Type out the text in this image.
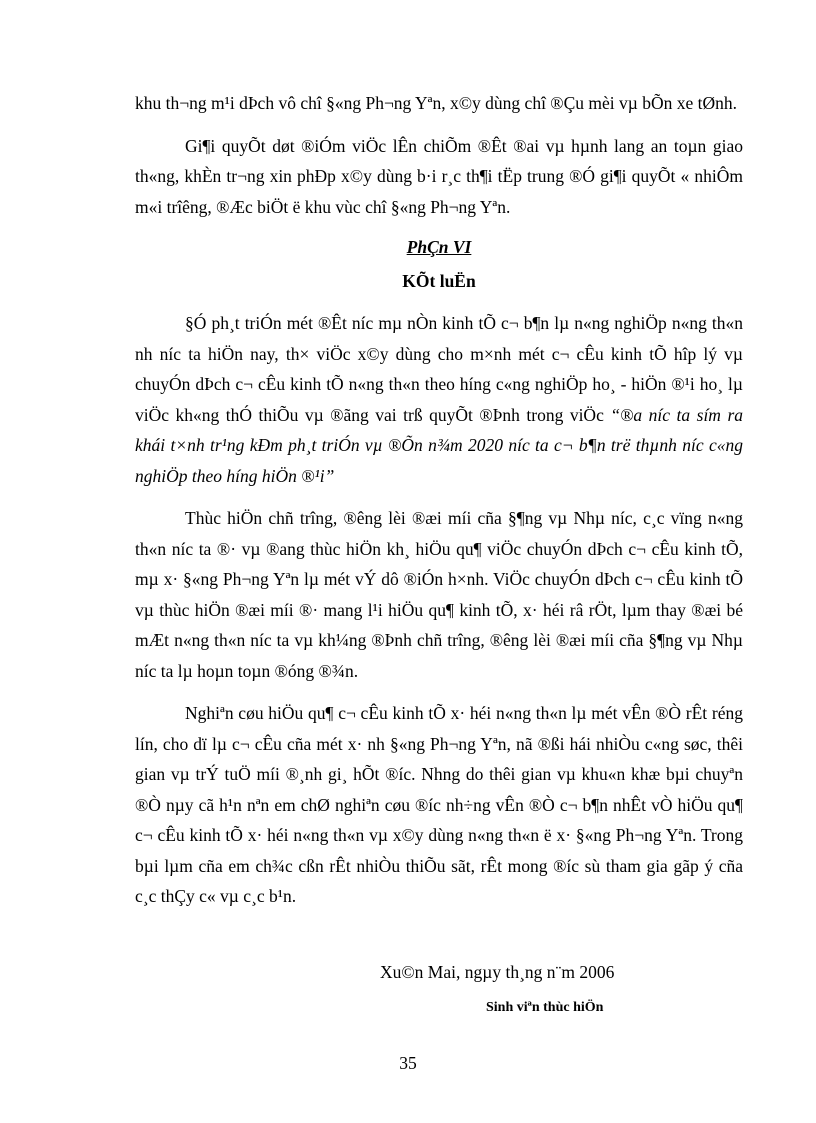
khu th¬ng m¹i dÞch vô chî §«ng Ph¬ng Yªn, x©y dùng chî ®Çu mèi vµ bÕn xe tØnh.

Gi¶i quyÕt døt ®iÓm viÖc lÊn chiÕm ®Êt ®ai vµ hµnh lang an toµn giao th«ng, khÈn tr¬ng xin phÐp x©y dùng b·i r¸c th¶i tËp trung ®Ó gi¶i quyÕt « nhiÔm m«i trîêng, ®Æc biÖt ë khu vùc chî §«ng Ph¬ng Yªn.

PhÇn VI
KÕt luËn

§Ó ph¸t triÓn mét ®Êt níc mµ nÒn kinh tÕ c¬ b¶n lµ n«ng nghiÖp n«ng th«n nh níc ta hiÖn nay, th× viÖc x©y dùng cho m×nh mét c¬ cÊu kinh tÕ hîp lý vµ chuyÓn dÞch c¬ cÊu kinh tÕ n«ng th«n theo híng c«ng nghiÖp ho¸ - hiÖn ®¹i ho¸ lµ viÖc kh«ng thÓ thiÕu vµ ®ãng vai trß quyÕt ®Þnh trong viÖc “®a níc ta sím ra khái t×nh tr¹ng kÐm ph¸t triÓn vµ ®Õn n¾m 2020 níc ta c¬ b¶n trë thµnh níc c«ng nghiÖp theo híng hiÖn ®¹i”

Thùc hiÖn chñ trîng, ®êng lèi ®æi míi cña §¶ng vµ Nhµ níc, c¸c vïng n«ng th«n níc ta ®· vµ ®ang thùc hiÖn kh¸ hiÖu qu¶ viÖc chuyÓn dÞch c¬ cÊu kinh tÕ, mµ x· §«ng Ph¬ng Yªn lµ mét vÝ dô ®iÓn h×nh. ViÖc chuyÓn dÞch c¬ cÊu kinh tÕ vµ thùc hiÖn ®æi míi ®· mang l¹i hiÖu qu¶ kinh tÕ, x· héi râ rÖt, lµm thay ®æi bé mÆt n«ng th«n níc ta vµ kh¼ng ®Þnh chñ trîng, ®êng lèi ®æi míi cña §¶ng vµ Nhµ níc ta lµ hoµn toµn ®óng ®¾n.

Nghiªn cøu hiÖu qu¶ c¬ cÊu kinh tÕ x· héi n«ng th«n lµ mét vÊn ®Ò rÊt réng lín, cho dï lµ c¬ cÊu cña mét x· nh §«ng Ph¬ng Yªn, nã ®ßi hái nhiÒu c«ng søc, thêi gian vµ trÝ tuÖ míi ®¸nh gi¸ hÕt ®íc. Nhng do thêi gian vµ khu«n khæ bµi chuyªn ®Ò nµy cã h¹n nªn em chØ nghiªn cøu ®íc nh÷ng vÊn ®Ò c¬ b¶n nhÊt vÒ hiÖu qu¶ c¬ cÊu kinh tÕ x· héi n«ng th«n vµ x©y dùng n«ng th«n ë x· §«ng Ph¬ng Yªn. Trong bµi lµm cña em ch¾c cßn rÊt nhiÒu thiÕu sãt, rÊt mong ®íc sù tham gia gãp ý cña c¸c thÇy c« vµ c¸c b¹n.

Xu©n Mai, ngµy th¸ng n¨m 2006
Sinh viªn thùc hiÖn
35
